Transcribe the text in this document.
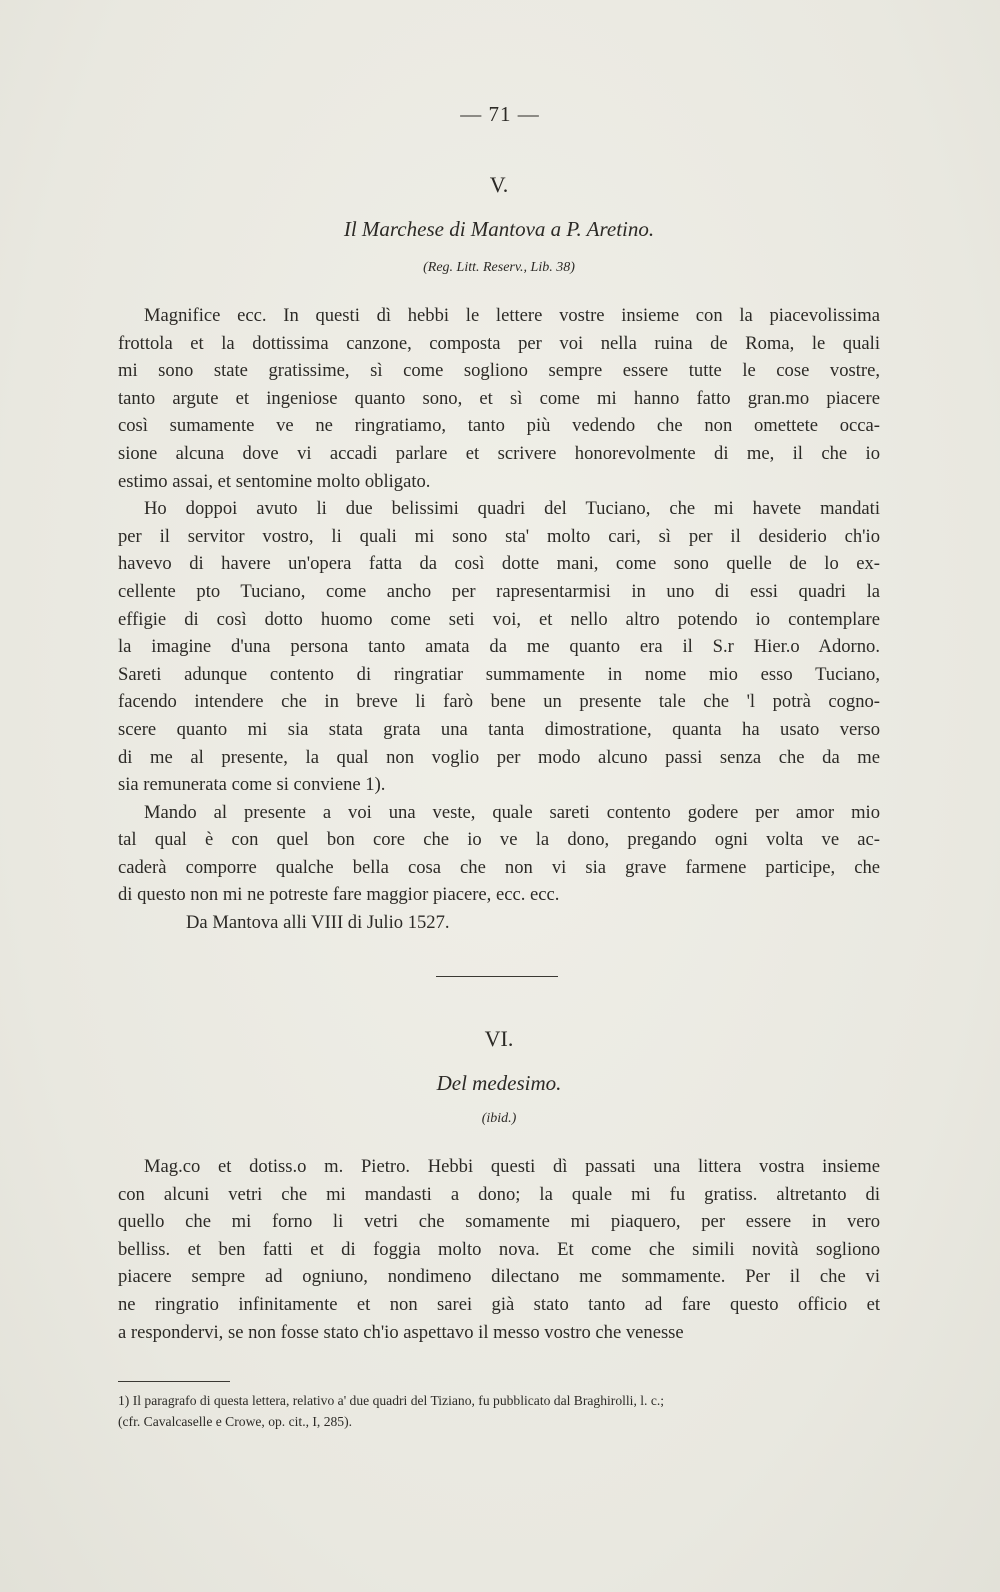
— 71 —
V.
Il Marchese di Mantova a P. Aretino.
(Reg. Litt. Reserv., Lib. 38)
Magnifice ecc. In questi dì hebbi le lettere vostre insieme con la piacevolissima
frottola et la dottissima canzone, composta per voi nella ruina de Roma, le quali
mi sono state gratissime, sì come sogliono sempre essere tutte le cose vostre,
tanto argute et ingeniose quanto sono, et sì come mi hanno fatto gran.mo piacere
così sumamente ve ne ringratiamo, tanto più vedendo che non omettete occa-
sione alcuna dove vi accadi parlare et scrivere honorevolmente di me, il che io
estimo assai, et sentomine molto obligato.
Ho doppoi avuto li due belissimi quadri del Tuciano, che mi havete mandati
per il servitor vostro, li quali mi sono sta' molto cari, sì per il desiderio ch'io
havevo di havere un'opera fatta da così dotte mani, come sono quelle de lo ex-
cellente pto Tuciano, come ancho per rapresentarmisi in uno di essi quadri la
effigie di così dotto huomo come seti voi, et nello altro potendo io contemplare
la imagine d'una persona tanto amata da me quanto era il S.r Hier.o Adorno.
Sareti adunque contento di ringratiar summamente in nome mio esso Tuciano,
facendo intendere che in breve li farò bene un presente tale che 'l potrà cogno-
scere quanto mi sia stata grata una tanta dimostratione, quanta ha usato verso
di me al presente, la qual non voglio per modo alcuno passi senza che da me
sia remunerata come si conviene 1).
Mando al presente a voi una veste, quale sareti contento godere per amor mio
tal qual è con quel bon core che io ve la dono, pregando ogni volta ve ac-
caderà comporre qualche bella cosa che non vi sia grave farmene participe, che
di questo non mi ne potreste fare maggior piacere, ecc. ecc.
Da Mantova alli VIII di Julio 1527.
VI.
Del medesimo.
(ibid.)
Mag.co et dotiss.o m. Pietro. Hebbi questi dì passati una littera vostra insieme
con alcuni vetri che mi mandasti a dono; la quale mi fu gratiss. altretanto di
quello che mi forno li vetri che somamente mi piaquero, per essere in vero
belliss. et ben fatti et di foggia molto nova. Et come che simili novità sogliono
piacere sempre ad ogniuno, nondimeno dilectano me sommamente. Per il che vi
ne ringratio infinitamente et non sarei già stato tanto ad fare questo officio et
a respondervi, se non fosse stato ch'io aspettavo il messo vostro che venesse
1) Il paragrafo di questa lettera, relativo a' due quadri del Tiziano, fu pubblicato dal Braghirolli, l. c.;
(cfr. Cavalcaselle e Crowe, op. cit., I, 285).
